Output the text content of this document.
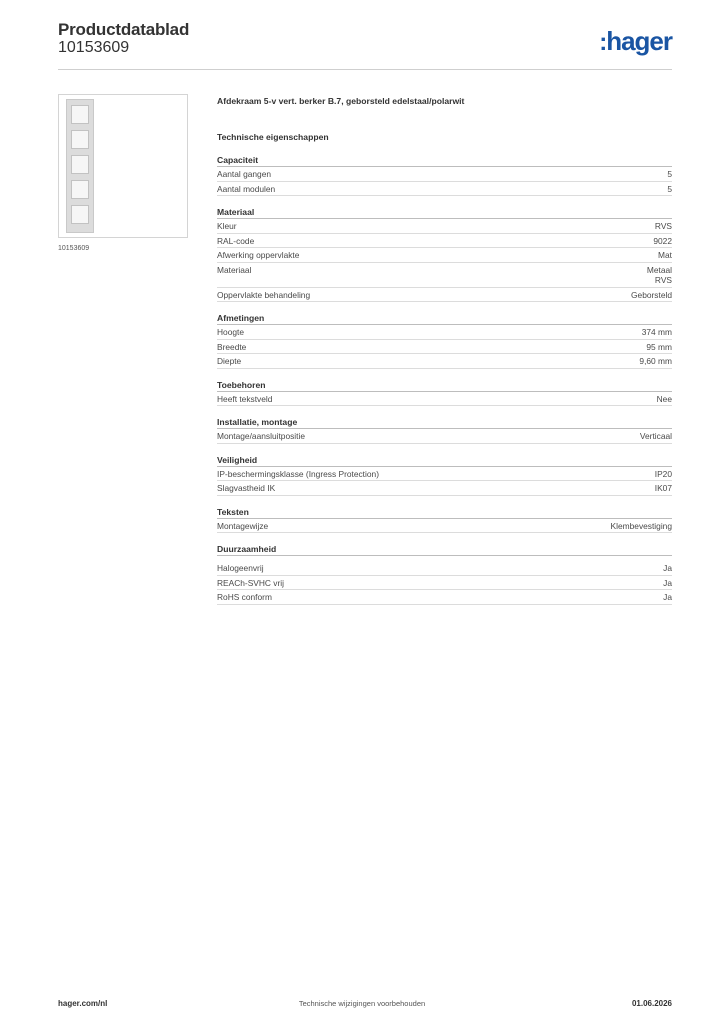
Productdatablad
10153609	:hager
10153609
Afdekraam 5-v vert. berker B.7, geborsteld edelstaal/polarwit
Technische eigenschappen
Capaciteit
Aantal gangen	5
Aantal modulen	5
Materiaal
Kleur	RVS
RAL-code	9022
Afwerking oppervlakte	Mat
Materiaal	Metaal
RVS
Oppervlakte behandeling	Geborsteld
Afmetingen
Hoogte	374 mm
Breedte	95 mm
Diepte	9,60 mm
Toebehoren
Heeft tekstveld	Nee
Installatie, montage
Montage/aansluitpositie	Verticaal
Veiligheid
IP-beschermingsklasse (Ingress Protection)	IP20
Slagvastheid IK	IK07
Teksten
Montagewijze	Klembevestiging
Duurzaamheid
Halogeenvrij	Ja
REACh-SVHC vrij	Ja
RoHS conform	Ja
hager.com/nl	Technische wijzigingen voorbehouden	01.06.2026
